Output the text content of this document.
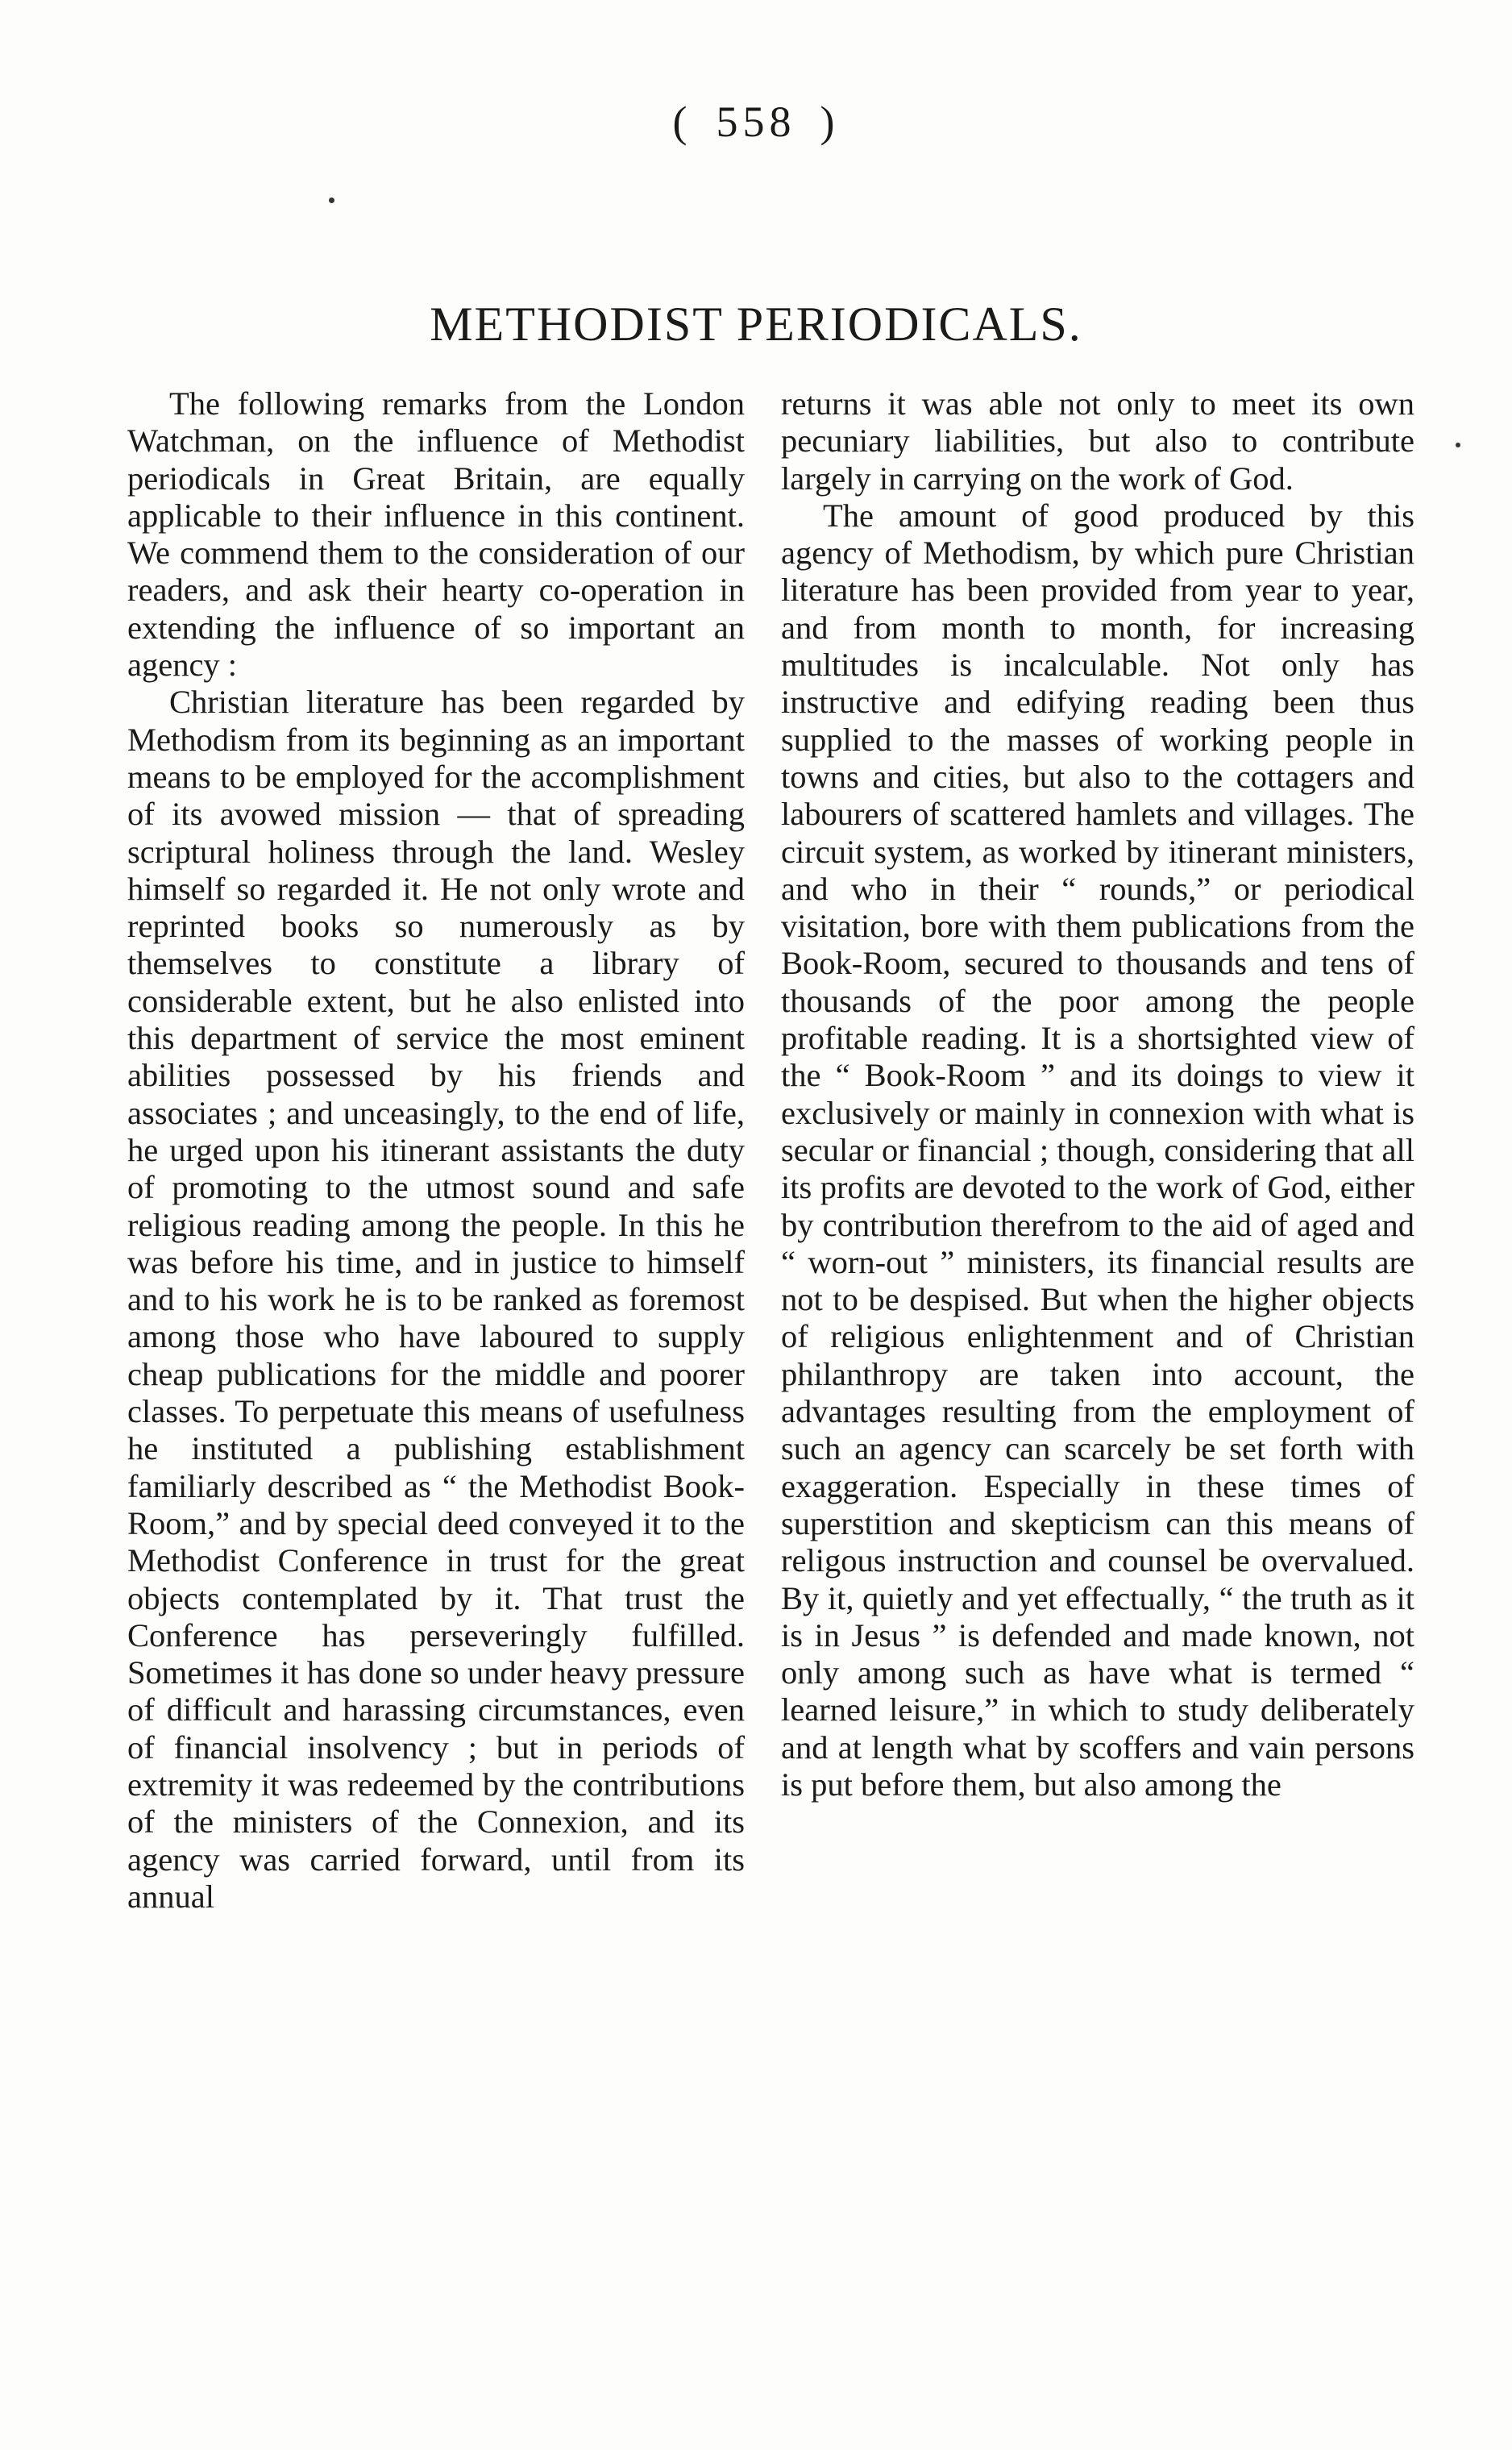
( 558 )
METHODIST PERIODICALS.

The following remarks from the London Watchman, on the influence of Methodist periodicals in Great Britain, are equally applicable to their influence in this continent. We commend them to the consideration of our readers, and ask their hearty co-operation in extending the influence of so important an agency :

Christian literature has been regarded by Methodism from its beginning as an important means to be employed for the accomplishment of its avowed mission — that of spreading scriptural holiness through the land. Wesley himself so regarded it. He not only wrote and reprinted books so numerously as by themselves to constitute a library of considerable extent, but he also enlisted into this department of service the most eminent abilities possessed by his friends and associates ; and unceasingly, to the end of life, he urged upon his itinerant assistants the duty of promoting to the utmost sound and safe religious reading among the people. In this he was before his time, and in justice to himself and to his work he is to be ranked as foremost among those who have laboured to supply cheap publications for the middle and poorer classes. To perpetuate this means of usefulness he instituted a publishing establishment familiarly described as “ the Methodist Book-Room,” and by special deed conveyed it to the Methodist Conference in trust for the great objects contemplated by it. That trust the Conference has perseveringly fulfilled. Sometimes it has done so under heavy pressure of difficult and harassing circumstances, even of financial insolvency ; but in periods of extremity it was redeemed by the contributions of the ministers of the Connexion, and its agency was carried forward, until from its annual

returns it was able not only to meet its own pecuniary liabilities, but also to contribute largely in carrying on the work of God.

The amount of good produced by this agency of Methodism, by which pure Christian literature has been provided from year to year, and from month to month, for increasing multitudes is incalculable. Not only has instructive and edifying reading been thus supplied to the masses of working people in towns and cities, but also to the cottagers and labourers of scattered hamlets and villages. The circuit system, as worked by itinerant ministers, and who in their “ rounds,” or periodical visitation, bore with them publications from the Book-Room, secured to thousands and tens of thousands of the poor among the people profitable reading. It is a shortsighted view of the “ Book-Room ” and its doings to view it exclusively or mainly in connexion with what is secular or financial ; though, considering that all its profits are devoted to the work of God, either by contribution therefrom to the aid of aged and “ worn-out ” ministers, its financial results are not to be despised. But when the higher objects of religious enlightenment and of Christian philanthropy are taken into account, the advantages resulting from the employment of such an agency can scarcely be set forth with exaggeration. Especially in these times of superstition and skepticism can this means of religous instruction and counsel be overvalued. By it, quietly and yet effectually, “ the truth as it is in Jesus ” is defended and made known, not only among such as have what is termed “ learned leisure,” in which to study deliberately and at length what by scoffers and vain persons is put before them, but also among the
